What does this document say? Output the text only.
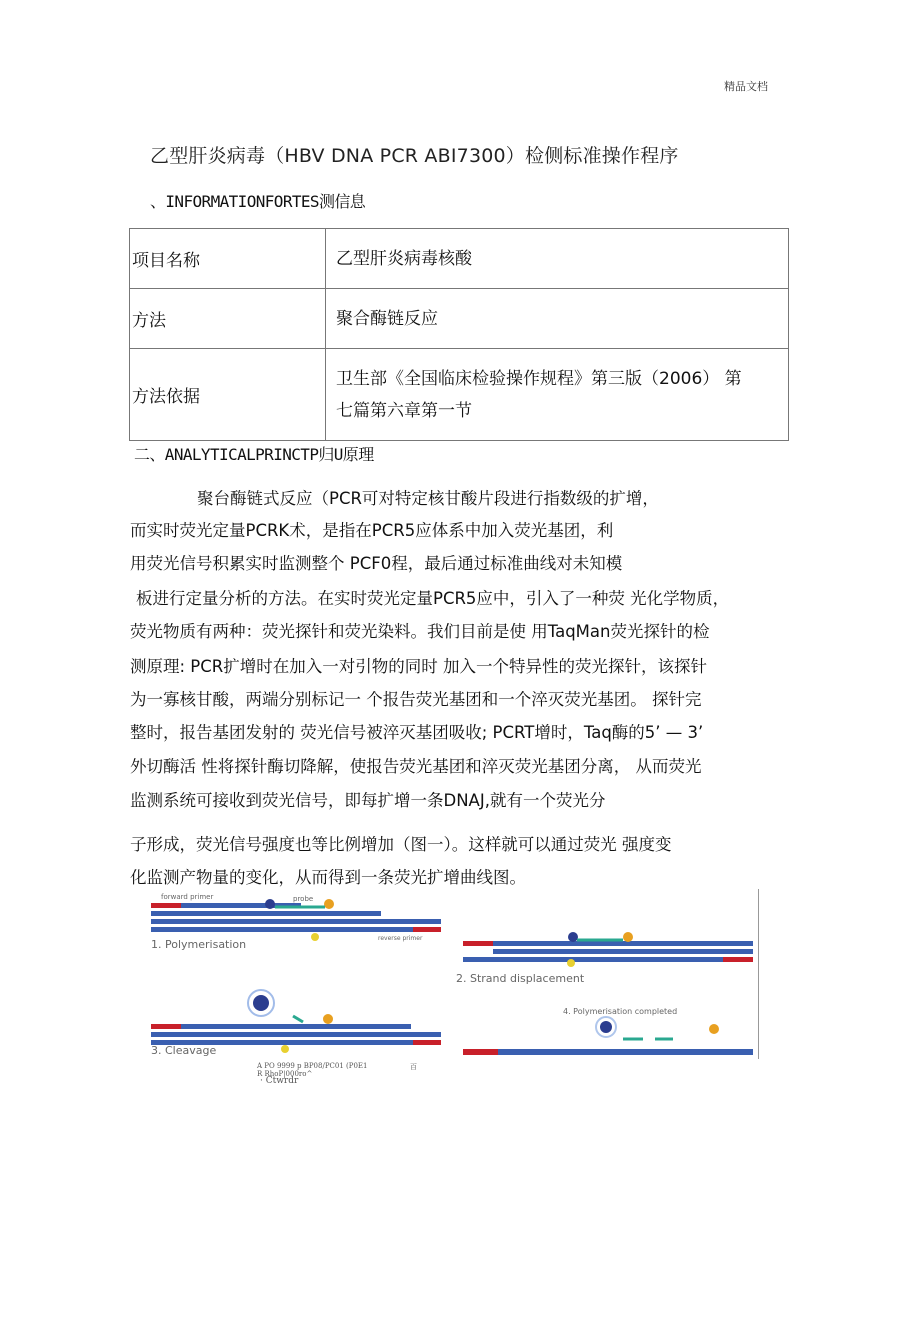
精品文档
乙型肝炎病毒（HBV DNA PCR ABI7300）检侧标准操作程序
、INFORMATIONFORTES测信息
项目名称	乙型肝炎病毒核酸
方法	聚合酶链反应
方法依据	卫生部《全国临床检验操作规程》第三版（2006） 第
七篇第六章第一节
二、ANALYTICALPRINCTP归U原理
聚台酶链式反应（PCR可对特定核甘酸片段进行指数级的扩增，
而实时荧光定量PCRK术，是指在PCR5应体系中加入荧光基团，利
用荧光信号积累实时监测整个 PCF0程，最后通过标准曲线对未知模
板进行定量分析的方法。在实时荧光定量PCR5应中，引入了一种荧 光化学物质，
荧光物质有两种：荧光探针和荧光染料。我们目前是使 用TaqMan荧光探针的检
测原理: PCR扩增时在加入一对引物的同时 加入一个特异性的荧光探针，该探针
为一寡核甘酸，两端分别标记一 个报告荧光基团和一个淬灭荧光基团。 探针完
整时，报告基团发射的 荧光信号被淬灭基团吸收; PCRT增时，Taq酶的5’ — 3’
外切酶活 性将探针酶切降解，使报告荧光基团和淬灭荧光基团分离， 从而荧光
监测系统可接收到荧光信号，即每扩增一条DNAJ,就有一个荧光分
子形成，荧光信号强度也等比例增加（图一）。这样就可以通过荧光 强度变
化监测产物量的变化，从而得到一条荧光扩增曲线图。
forward primer	probe
reverse primer
1. Polymerisation
2. Strand displacement
3. Cleavage
4. Polymerisation completed
A PO 9999 p BP08/PC01 (P0E1
R RhoP|000ro^
百
· Ctwrdr
